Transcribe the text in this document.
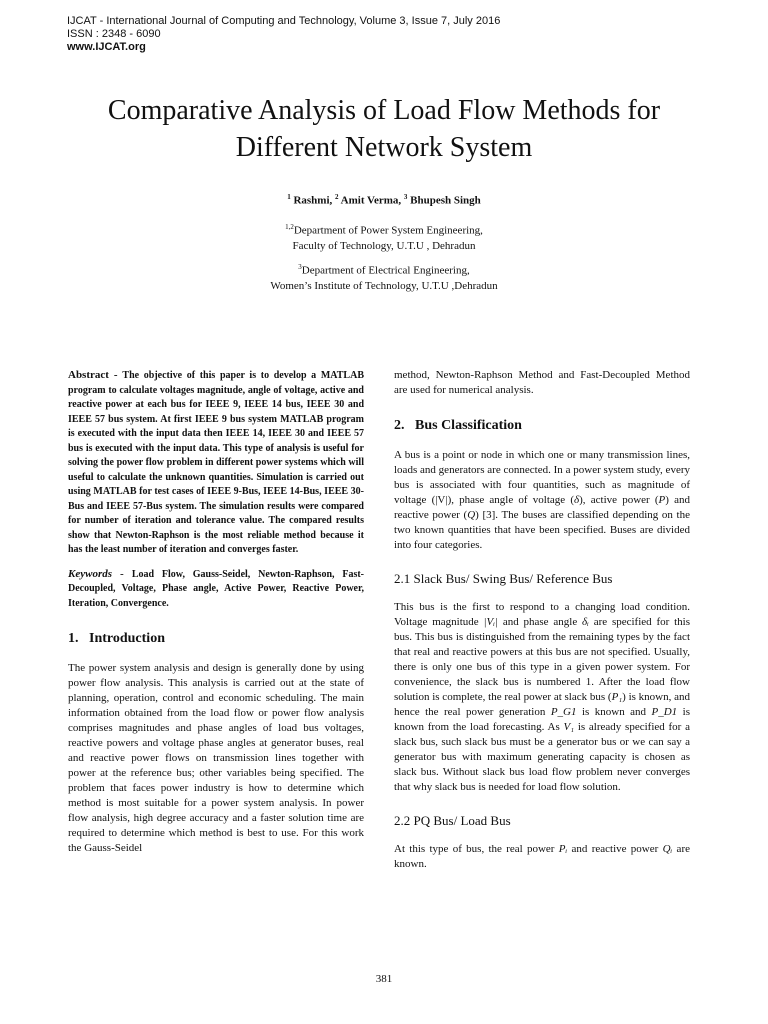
IJCAT - International Journal of Computing and Technology, Volume 3, Issue 7, July 2016
ISSN : 2348 - 6090
www.IJCAT.org
Comparative Analysis of Load Flow Methods for
Different Network System
$^1$ Rashmi, $^2$ Amit Verma, $^3$ Bhupesh Singh
$^{1,2}$Department of Power System Engineering,
Faculty of Technology, U.T.U , Dehradun
$^3$Department of Electrical Engineering,
Women’s Institute of Technology, U.T.U ,Dehradun

Abstract - The objective of this paper is to develop a MATLAB program to calculate voltages magnitude, angle of voltage, active and reactive power at each bus for IEEE 9, IEEE 14 bus, IEEE 30 and IEEE 57 bus system. At first IEEE 9 bus system MATLAB program is executed with the input data then IEEE 14, IEEE 30 and IEEE 57 bus is executed with the input data. This type of analysis is useful for solving the power flow problem in different power systems which will useful to calculate the unknown quantities. Simulation is carried out using MATLAB for test cases of IEEE 9-Bus, IEEE 14-Bus, IEEE 30-Bus and IEEE 57-Bus system. The simulation results were compared for number of iteration and tolerance value. The compared results show that Newton-Raphson is the most reliable method because it has the least number of iteration and converges faster.

Keywords - Load Flow, Gauss-Seidel, Newton-Raphson, Fast-Decoupled, Voltage, Phase angle, Active Power, Reactive Power, Iteration, Convergence.

1.   Introduction

The power system analysis and design is generally done by using power flow analysis. This analysis is carried out at the state of planning, operation, control and economic scheduling. The main information obtained from the load flow or power flow analysis comprises magnitudes and phase angles of load bus voltages, reactive powers and voltage phase angles at generator buses, real and reactive power flows on transmission lines together with power at the reference bus; other variables being specified. The problem that faces power industry is how to determine which method is most suitable for a power system analysis. In power flow analysis, high degree accuracy and a faster solution time are required to determine which method is best to use. For this work the Gauss-Seidel

method, Newton-Raphson Method and Fast-Decoupled Method are used for numerical analysis.

2.   Bus Classification

A bus is a point or node in which one or many transmission lines, loads and generators are connected. In a power system study, every bus is associated with four quantities, such as magnitude of voltage (|V|), phase angle of voltage (δ), active power (P) and reactive power (Q) [3]. The buses are classified depending on the two known quantities that have been specified. Buses are divided into four categories.

2.1 Slack Bus/ Swing Bus/ Reference Bus

This bus is the first to respond to a changing load condition. Voltage magnitude |Vᵢ| and phase angle δᵢ are specified for this bus. This bus is distinguished from the remaining types by the fact that real and reactive powers at this bus are not specified. Usually, there is only one bus of this type in a given power system. For convenience, the slack bus is numbered 1. After the load flow solution is complete, the real power at slack bus (P₁) is known, and hence the real power generation P_G1 is known and P_D1 is known from the load forecasting. As V₁ is already specified for a slack bus, such slack bus must be a generator bus or we can say a generator bus with maximum generating capacity is chosen as slack bus. Without slack bus load flow problem never converges that why slack bus is needed for load flow solution.

2.2 PQ Bus/ Load Bus

At this type of bus, the real power Pᵢ and reactive power Qᵢ are known.

381
